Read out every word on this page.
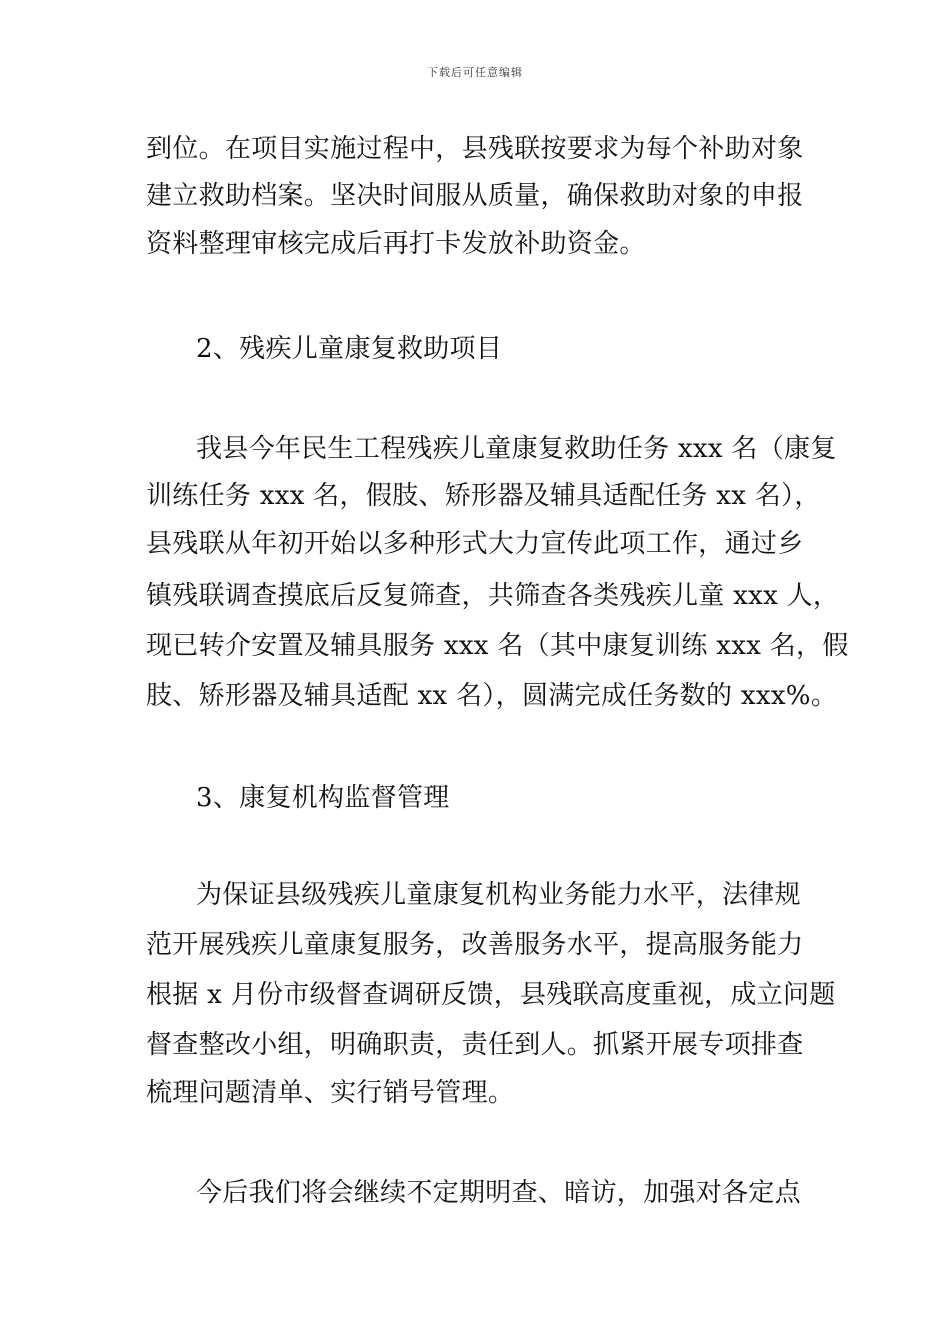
下载后可任意编辑
到位。在项目实施过程中，县残联按要求为每个补助对象
建立救助档案。坚决时间服从质量，确保救助对象的申报
资料整理审核完成后再打卡发放补助资金。
2、残疾儿童康复救助项目
我县今年民生工程残疾儿童康复救助任务 xxx 名（康复
训练任务 xxx 名，假肢、矫形器及辅具适配任务 xx 名），
县残联从年初开始以多种形式大力宣传此项工作，通过乡
镇残联调查摸底后反复筛查，共筛查各类残疾儿童 xxx 人，
现已转介安置及辅具服务 xxx 名（其中康复训练 xxx 名，假
肢、矫形器及辅具适配 xx 名），圆满完成任务数的 xxx%。
3、康复机构监督管理
为保证县级残疾儿童康复机构业务能力水平，法律规
范开展残疾儿童康复服务，改善服务水平，提高服务能力
根据 x 月份市级督查调研反馈，县残联高度重视，成立问题
督查整改小组，明确职责，责任到人。抓紧开展专项排查
梳理问题清单、实行销号管理。
今后我们将会继续不定期明查、暗访，加强对各定点
